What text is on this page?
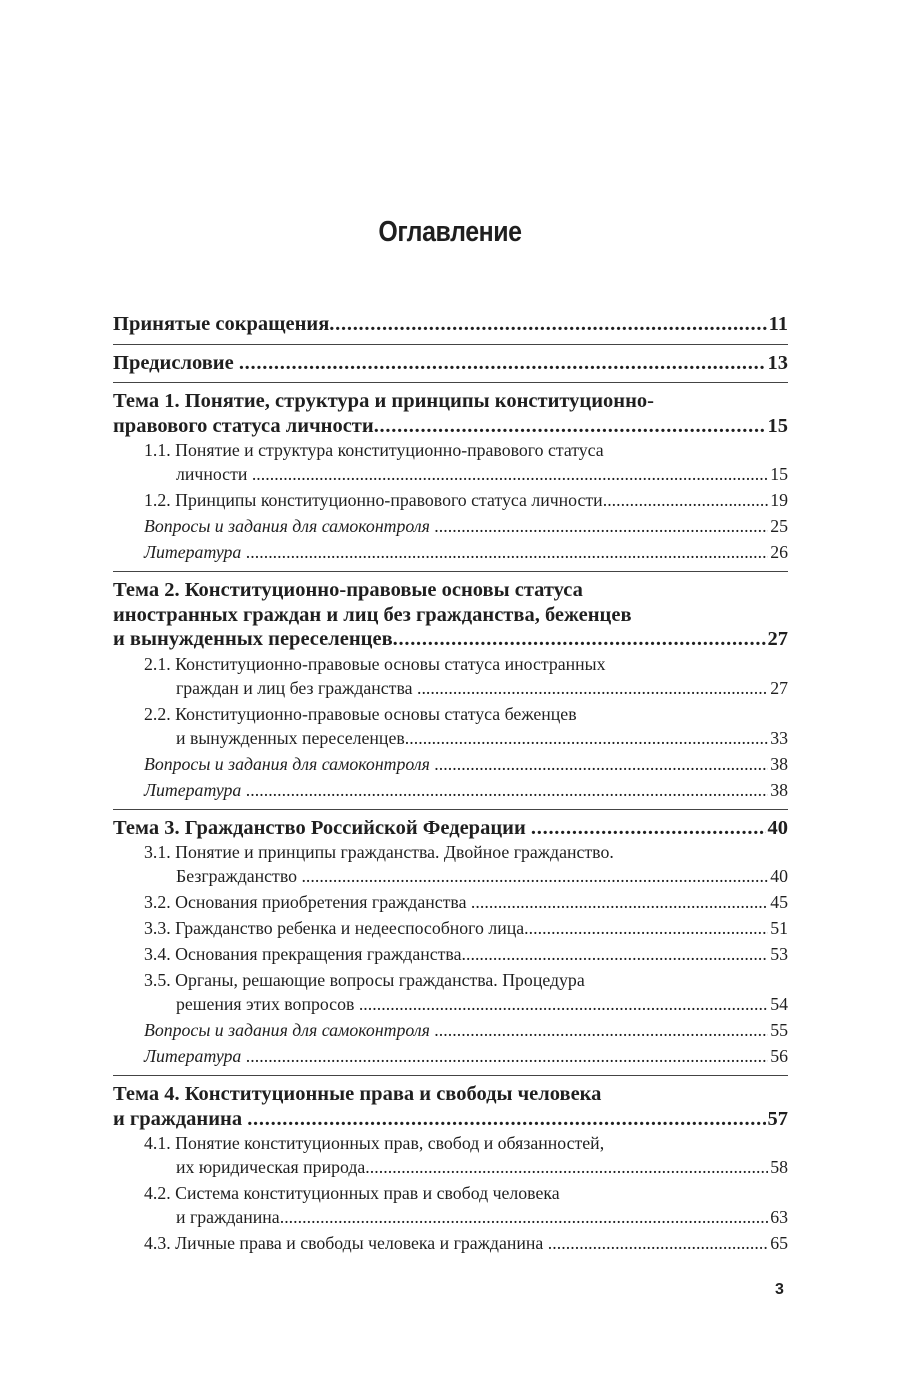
Оглавление
Принятые сокращения . . .	11
Предисловие . . .	13
Тема 1. Понятие, структура и принципы конституционно-
правового статуса личности . . .	15
1.1. Понятие и структура конституционно-правового статуса
личности . . .	15
1.2. Принципы конституционно-правового статуса личности . . .	19
Вопросы и задания для самоконтроля . . .	25
Литература . . .	26
Тема 2. Конституционно-правовые основы статуса
иностранных граждан и лиц без гражданства, беженцев
и вынужденных переселенцев . . .	27
2.1. Конституционно-правовые основы статуса иностранных
граждан и лиц без гражданства . . .	27
2.2. Конституционно-правовые основы статуса беженцев
и вынужденных переселенцев . . .	33
Вопросы и задания для самоконтроля . . .	38
Литература . . .	38
Тема 3. Гражданство Российской Федерации . . .	40
3.1. Понятие и принципы гражданства. Двойное гражданство.
Безгражданство . . .	40
3.2. Основания приобретения гражданства . . .	45
3.3. Гражданство ребенка и недееспособного лица . . .	51
3.4. Основания прекращения гражданства . . .	53
3.5. Органы, решающие вопросы гражданства. Процедура
решения этих вопросов . . .	54
Вопросы и задания для самоконтроля . . .	55
Литература . . .	56
Тема 4. Конституционные права и свободы человека
и гражданина . . .	57
4.1. Понятие конституционных прав, свобод и обязанностей,
их юридическая природа . . .	58
4.2. Система конституционных прав и свобод человека
и гражданина . . .	63
4.3. Личные права и свободы человека и гражданина . . .	65
3
